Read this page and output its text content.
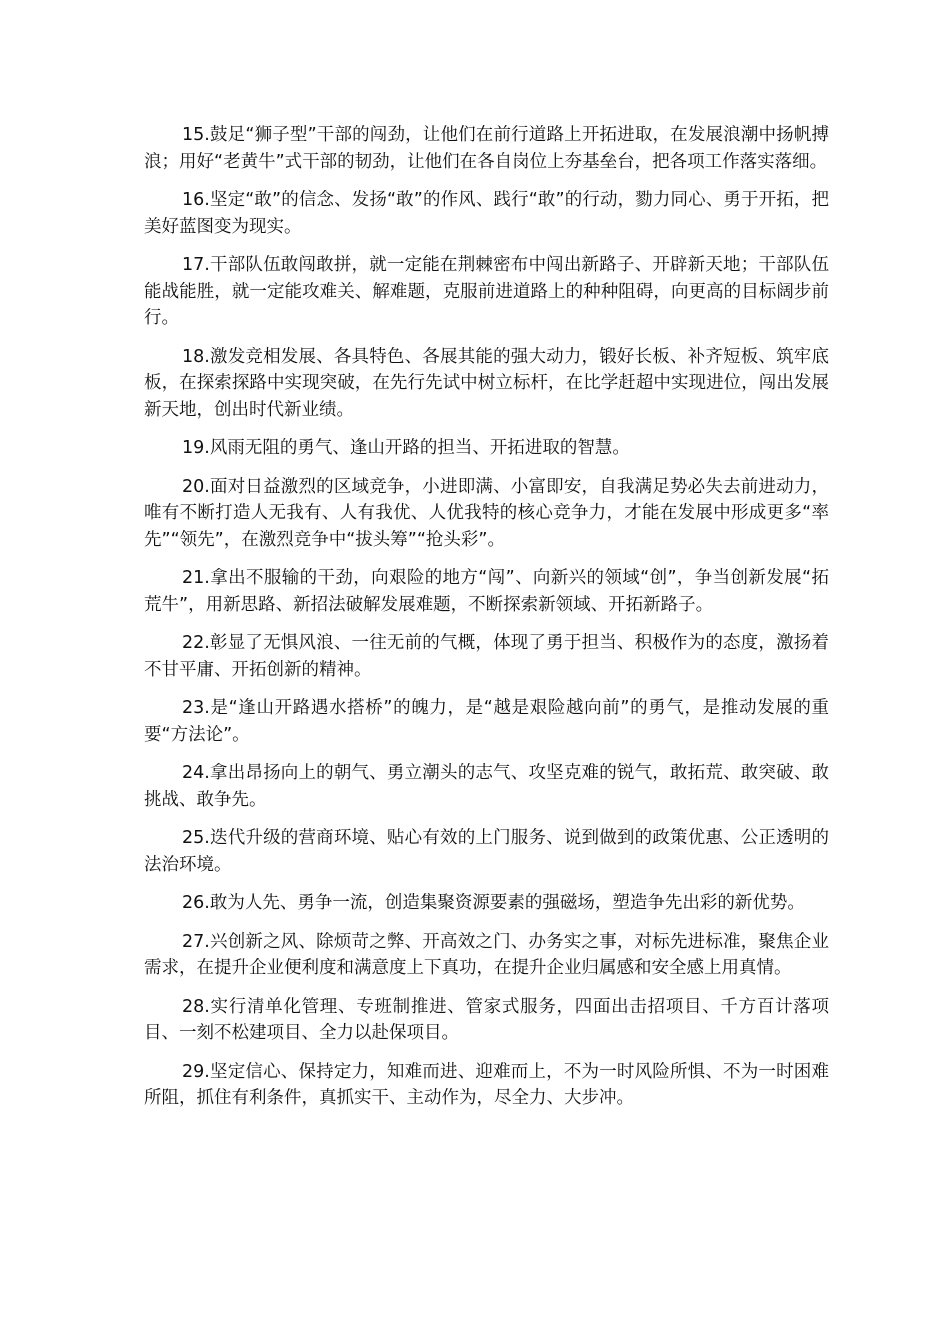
15.鼓足“狮子型”干部的闯劲，让他们在前行道路上开拓进取，在发展浪潮中扬帆搏浪；用好“老黄牛”式干部的韧劲，让他们在各自岗位上夯基垒台，把各项工作落实落细。

16.坚定“敢”的信念、发扬“敢”的作风、践行“敢”的行动，勠力同心、勇于开拓，把美好蓝图变为现实。

17.干部队伍敢闯敢拼，就一定能在荆棘密布中闯出新路子、开辟新天地；干部队伍能战能胜，就一定能攻难关、解难题，克服前进道路上的种种阻碍，向更高的目标阔步前行。

18.激发竞相发展、各具特色、各展其能的强大动力，锻好长板、补齐短板、筑牢底板，在探索探路中实现突破，在先行先试中树立标杆，在比学赶超中实现进位，闯出发展新天地，创出时代新业绩。

19.风雨无阻的勇气、逢山开路的担当、开拓进取的智慧。

20.面对日益激烈的区域竞争，小进即满、小富即安，自我满足势必失去前进动力，唯有不断打造人无我有、人有我优、人优我特的核心竞争力，才能在发展中形成更多“率先”“领先”，在激烈竞争中“拔头筹”“抢头彩”。

21.拿出不服输的干劲，向艰险的地方“闯”、向新兴的领域“创”，争当创新发展“拓荒牛”，用新思路、新招法破解发展难题，不断探索新领域、开拓新路子。

22.彰显了无惧风浪、一往无前的气概，体现了勇于担当、积极作为的态度，激扬着不甘平庸、开拓创新的精神。

23.是“逢山开路遇水搭桥”的魄力，是“越是艰险越向前”的勇气，是推动发展的重要“方法论”。

24.拿出昂扬向上的朝气、勇立潮头的志气、攻坚克难的锐气，敢拓荒、敢突破、敢挑战、敢争先。

25.迭代升级的营商环境、贴心有效的上门服务、说到做到的政策优惠、公正透明的法治环境。

26.敢为人先、勇争一流，创造集聚资源要素的强磁场，塑造争先出彩的新优势。

27.兴创新之风、除烦苛之弊、开高效之门、办务实之事，对标先进标准，聚焦企业需求，在提升企业便利度和满意度上下真功，在提升企业归属感和安全感上用真情。

28.实行清单化管理、专班制推进、管家式服务，四面出击招项目、千方百计落项目、一刻不松建项目、全力以赴保项目。

29.坚定信心、保持定力，知难而进、迎难而上，不为一时风险所惧、不为一时困难所阻，抓住有利条件，真抓实干、主动作为，尽全力、大步冲。
